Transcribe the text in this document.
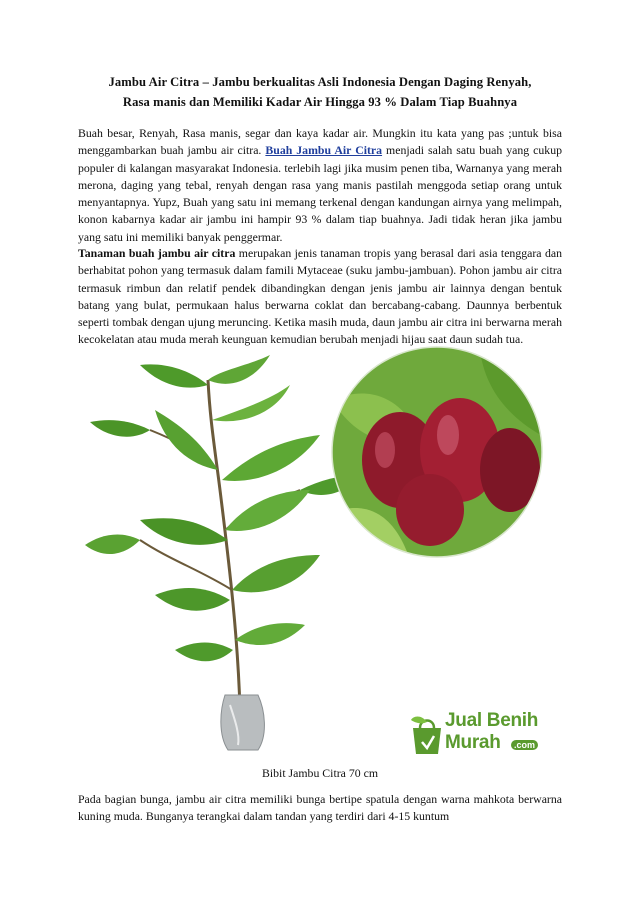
Jambu Air Citra – Jambu berkualitas Asli Indonesia Dengan Daging Renyah,
Rasa manis dan Memiliki Kadar Air Hingga 93 % Dalam Tiap Buahnya

Buah besar, Renyah, Rasa manis, segar dan kaya kadar air. Mungkin itu kata yang pas ;untuk bisa menggambarkan buah jambu air citra. Buah Jambu Air Citra menjadi salah satu buah yang cukup populer di kalangan masyarakat Indonesia. terlebih lagi jika musim penen tiba, Warnanya yang merah merona, daging yang tebal, renyah dengan rasa yang manis pastilah menggoda setiap orang untuk menyantapnya. Yupz, Buah yang satu ini memang terkenal dengan kandungan airnya yang melimpah, konon kabarnya kadar air jambu ini hampir 93 % dalam tiap buahnya. Jadi tidak heran jika jambu yang satu ini memiliki banyak penggermar.

Tanaman buah jambu air citra merupakan jenis tanaman tropis yang berasal dari asia tenggara dan berhabitat pohon yang termasuk dalam famili Mytaceae (suku jambu-jambuan). Pohon jambu air citra termasuk rimbun dan relatif pendek dibandingkan dengan jenis jambu air lainnya dengan bentuk batang yang bulat, permukaan halus berwarna coklat dan bercabang-cabang. Daunnya berbentuk seperti tombak dengan ujung meruncing. Ketika masih muda, daun jambu air citra ini berwarna merah kecokelatan atau muda merah keunguan kemudian berubah menjadi hijau saat daun sudah tua.

Bibit Jambu Citra 70 cm

Pada bagian bunga, jambu air citra memiliki bunga bertipe spatula dengan warna mahkota berwarna kuning muda. Bunganya terangkai dalam tandan yang terdiri dari 4-15 kuntum

Jual Benih
Murah	.com
